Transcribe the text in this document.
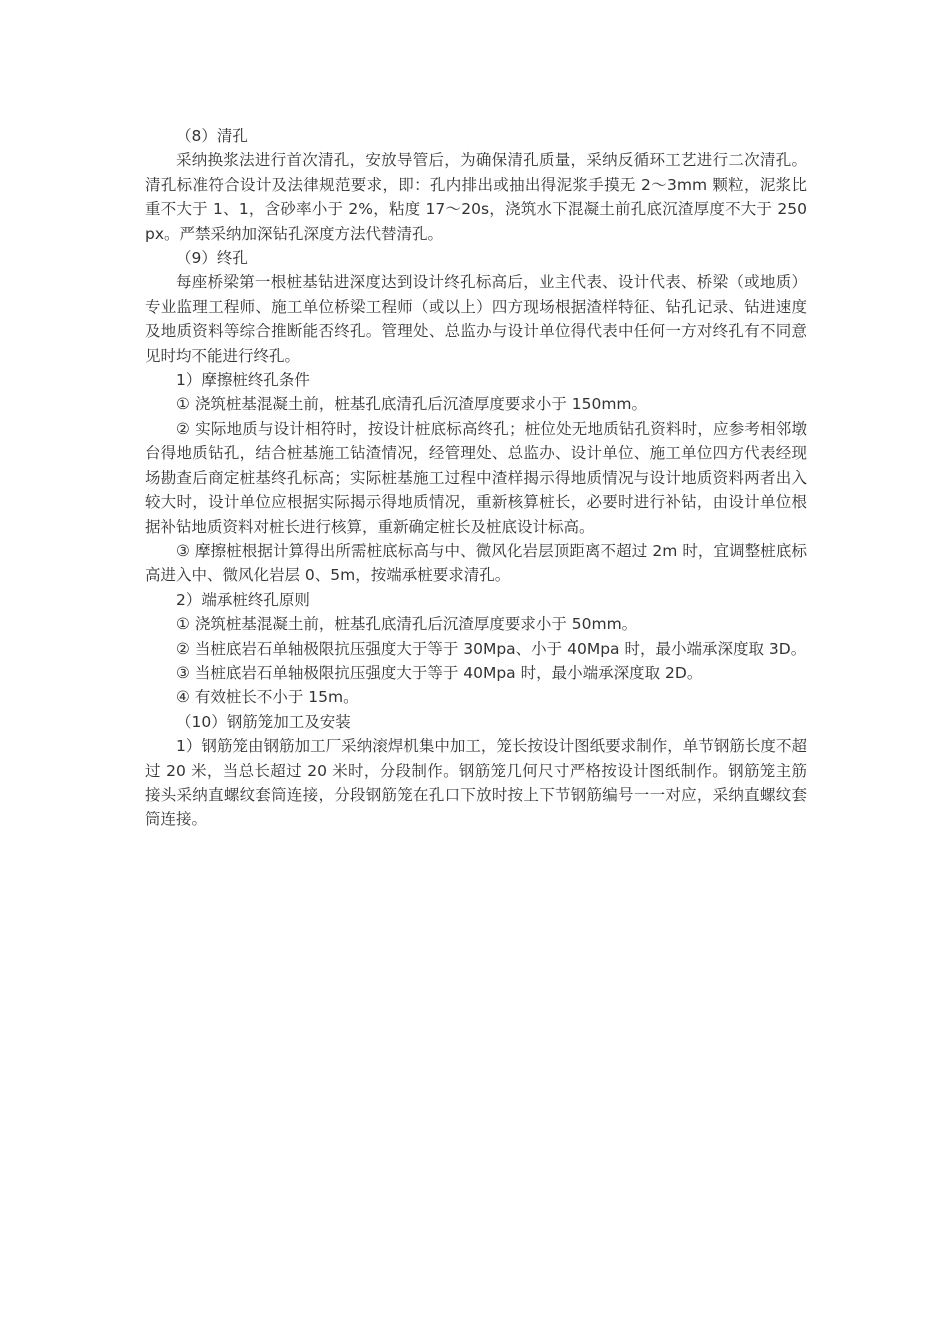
（8）清孔

采纳换浆法进行首次清孔，安放导管后，为确保清孔质量，采纳反循环工艺进行二次清孔。清孔标准符合设计及法律规范要求，即：孔内排出或抽出得泥浆手摸无 2～3mm 颗粒，泥浆比重不大于 1、1，含砂率小于 2%，粘度 17～20s，浇筑水下混凝土前孔底沉渣厚度不大于 250px。严禁采纳加深钻孔深度方法代替清孔。

（9）终孔

每座桥梁第一根桩基钻进深度达到设计终孔标高后，业主代表、设计代表、桥梁（或地质）专业监理工程师、施工单位桥梁工程师（或以上）四方现场根据渣样特征、钻孔记录、钻进速度及地质资料等综合推断能否终孔。管理处、总监办与设计单位得代表中任何一方对终孔有不同意见时均不能进行终孔。

1）摩擦桩终孔条件

① 浇筑桩基混凝土前，桩基孔底清孔后沉渣厚度要求小于 150mm。

② 实际地质与设计相符时，按设计桩底标高终孔；桩位处无地质钻孔资料时，应参考相邻墩台得地质钻孔，结合桩基施工钻渣情况，经管理处、总监办、设计单位、施工单位四方代表经现场勘查后商定桩基终孔标高；实际桩基施工过程中渣样揭示得地质情况与设计地质资料两者出入较大时，设计单位应根据实际揭示得地质情况，重新核算桩长，必要时进行补钻，由设计单位根据补钻地质资料对桩长进行核算，重新确定桩长及桩底设计标高。

③ 摩擦桩根据计算得出所需桩底标高与中、微风化岩层顶距离不超过 2m 时，宜调整桩底标高进入中、微风化岩层 0、5m，按端承桩要求清孔。

2）端承桩终孔原则

① 浇筑桩基混凝土前，桩基孔底清孔后沉渣厚度要求小于 50mm。

② 当桩底岩石单轴极限抗压强度大于等于 30Mpa、小于 40Mpa 时，最小端承深度取 3D。

③ 当桩底岩石单轴极限抗压强度大于等于 40Mpa 时，最小端承深度取 2D。

④ 有效桩长不小于 15m。

（10）钢筋笼加工及安装

1）钢筋笼由钢筋加工厂采纳滚焊机集中加工，笼长按设计图纸要求制作，单节钢筋长度不超过 20 米，当总长超过 20 米时，分段制作。钢筋笼几何尺寸严格按设计图纸制作。钢筋笼主筋接头采纳直螺纹套筒连接，分段钢筋笼在孔口下放时按上下节钢筋编号一一对应，采纳直螺纹套筒连接。
